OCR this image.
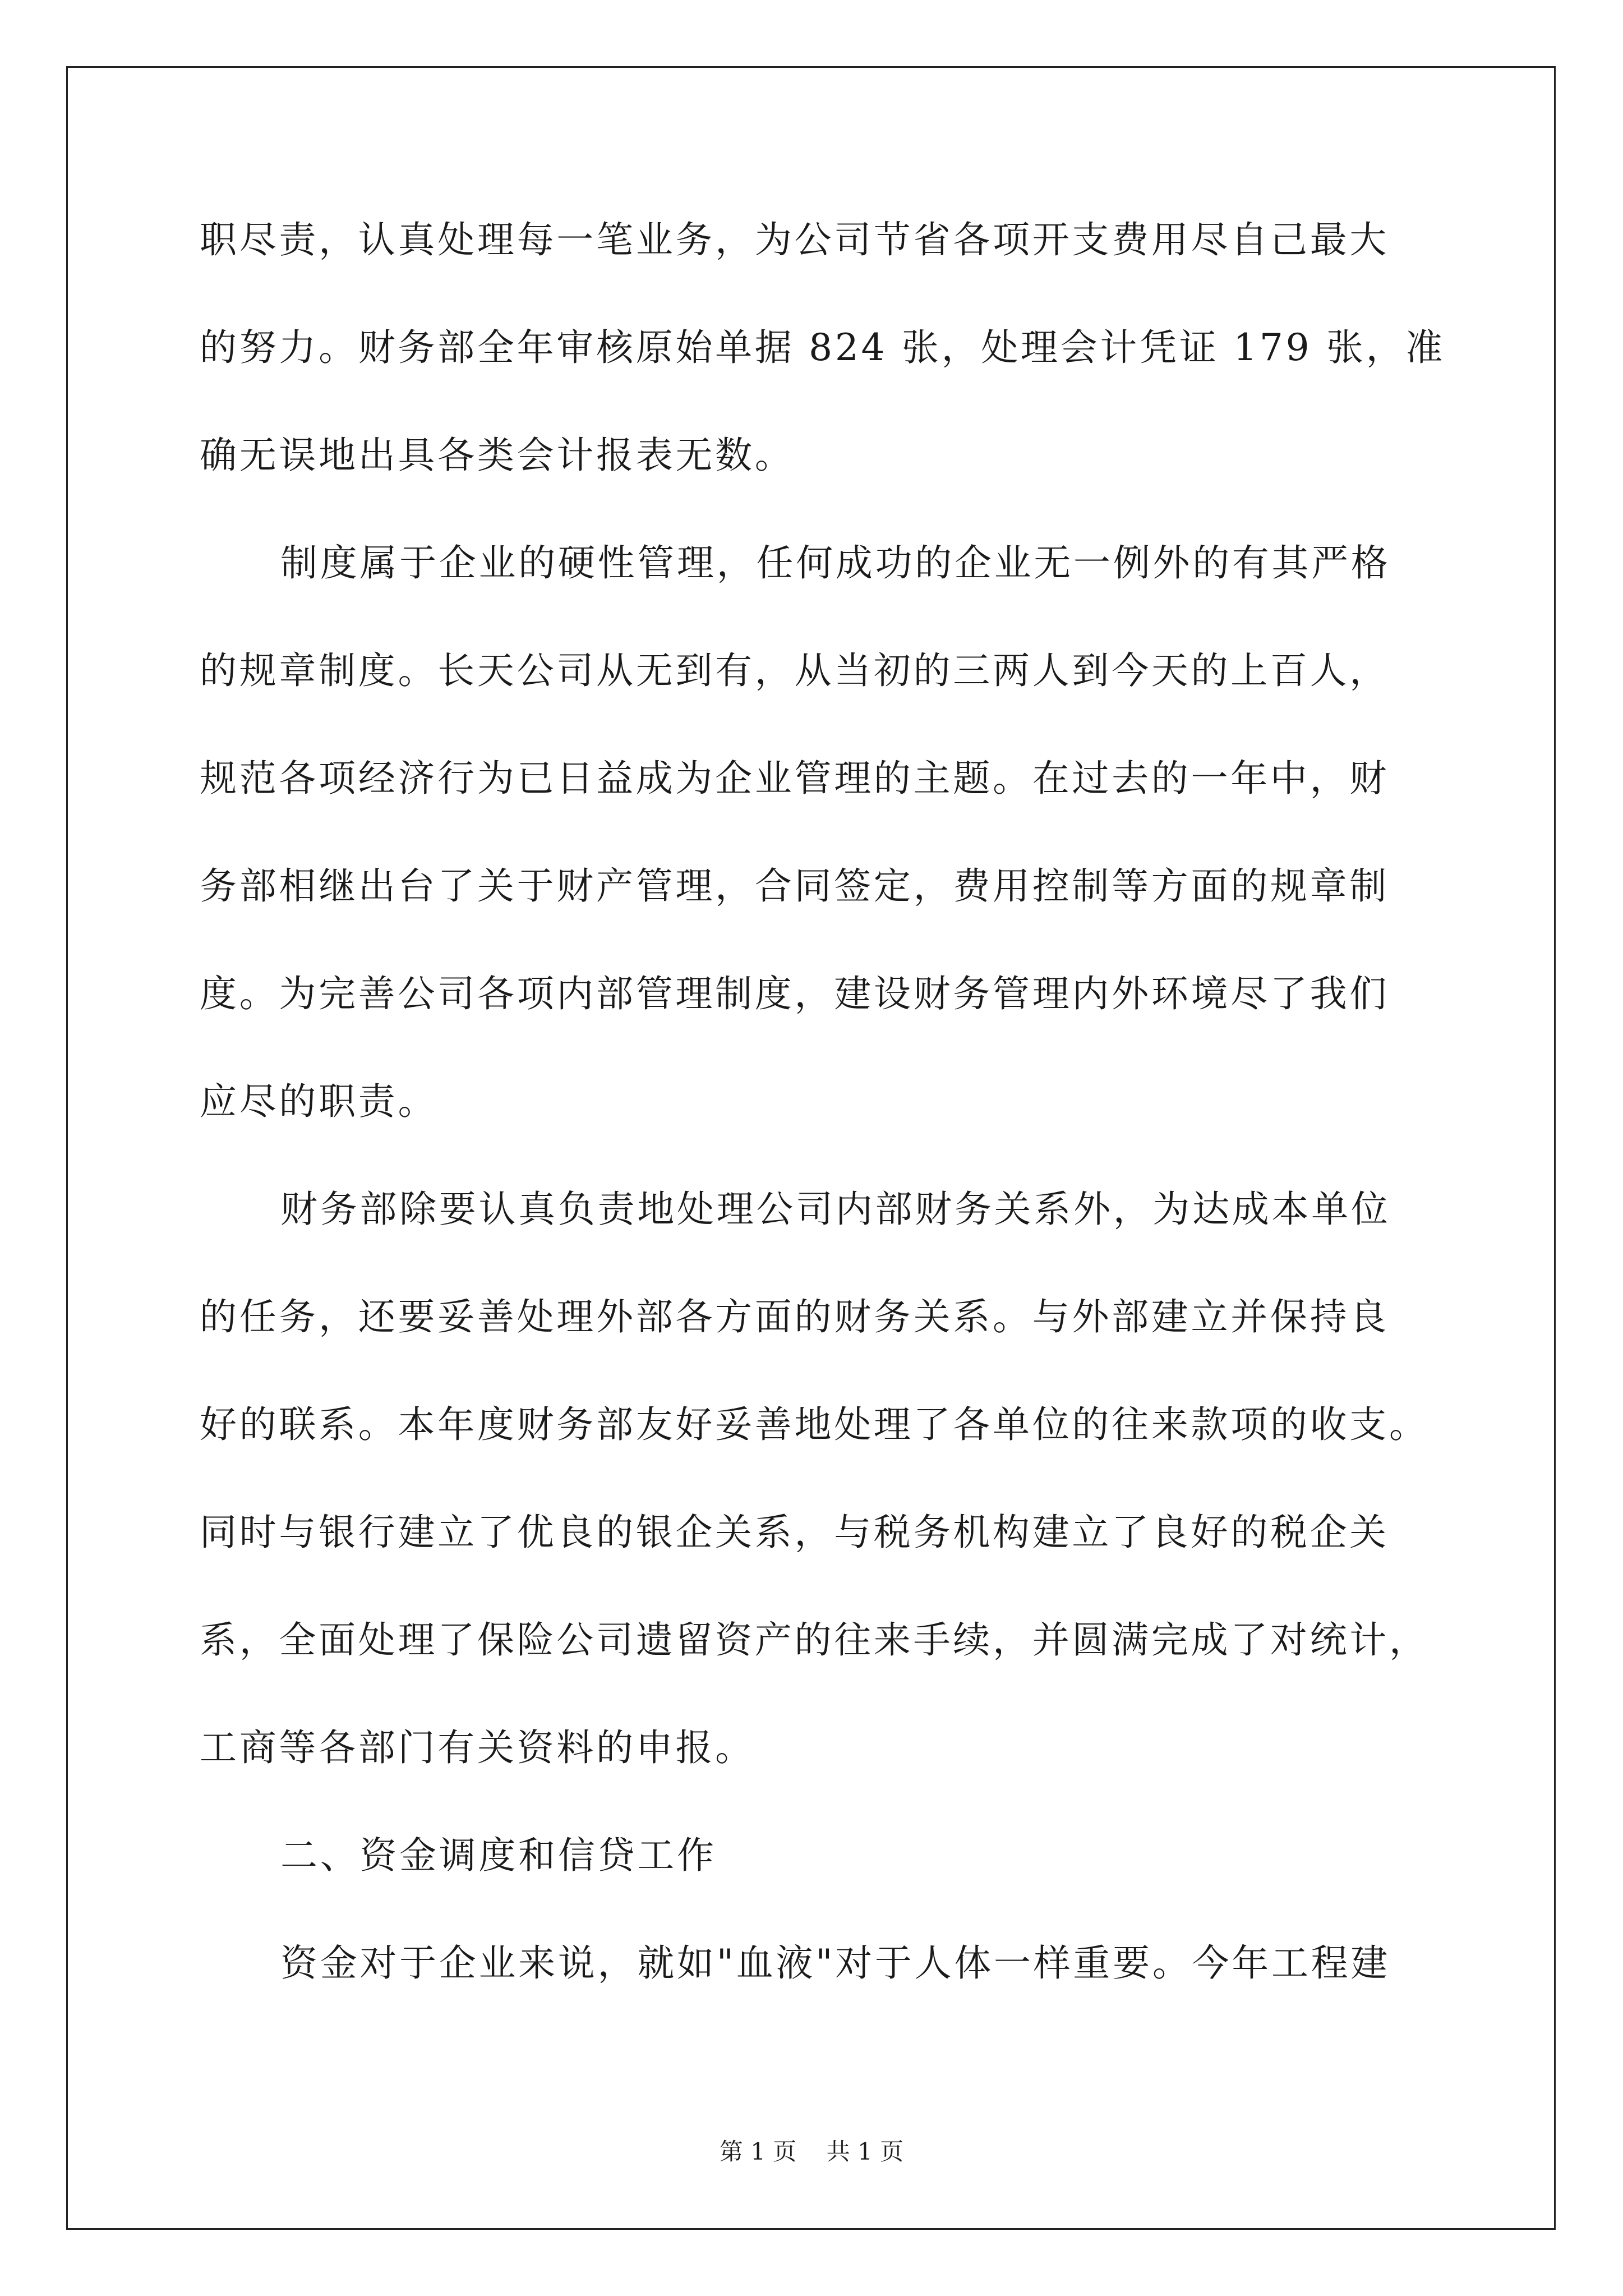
职尽责，认真处理每一笔业务，为公司节省各项开支费用尽自己最大
的努力。财务部全年审核原始单据 824 张，处理会计凭证 179 张，准
确无误地出具各类会计报表无数。
制度属于企业的硬性管理，任何成功的企业无一例外的有其严格
的规章制度。长天公司从无到有，从当初的三两人到今天的上百人，
规范各项经济行为已日益成为企业管理的主题。在过去的一年中，财
务部相继出台了关于财产管理，合同签定，费用控制等方面的规章制
度。为完善公司各项内部管理制度，建设财务管理内外环境尽了我们
应尽的职责。
财务部除要认真负责地处理公司内部财务关系外，为达成本单位
的任务，还要妥善处理外部各方面的财务关系。与外部建立并保持良
好的联系。本年度财务部友好妥善地处理了各单位的往来款项的收支。
同时与银行建立了优良的银企关系，与税务机构建立了良好的税企关
系，全面处理了保险公司遗留资产的往来手续，并圆满完成了对统计，
工商等各部门有关资料的申报。
二、资金调度和信贷工作
资金对于企业来说，就如"血液"对于人体一样重要。今年工程建
第 1 页    共 1 页
